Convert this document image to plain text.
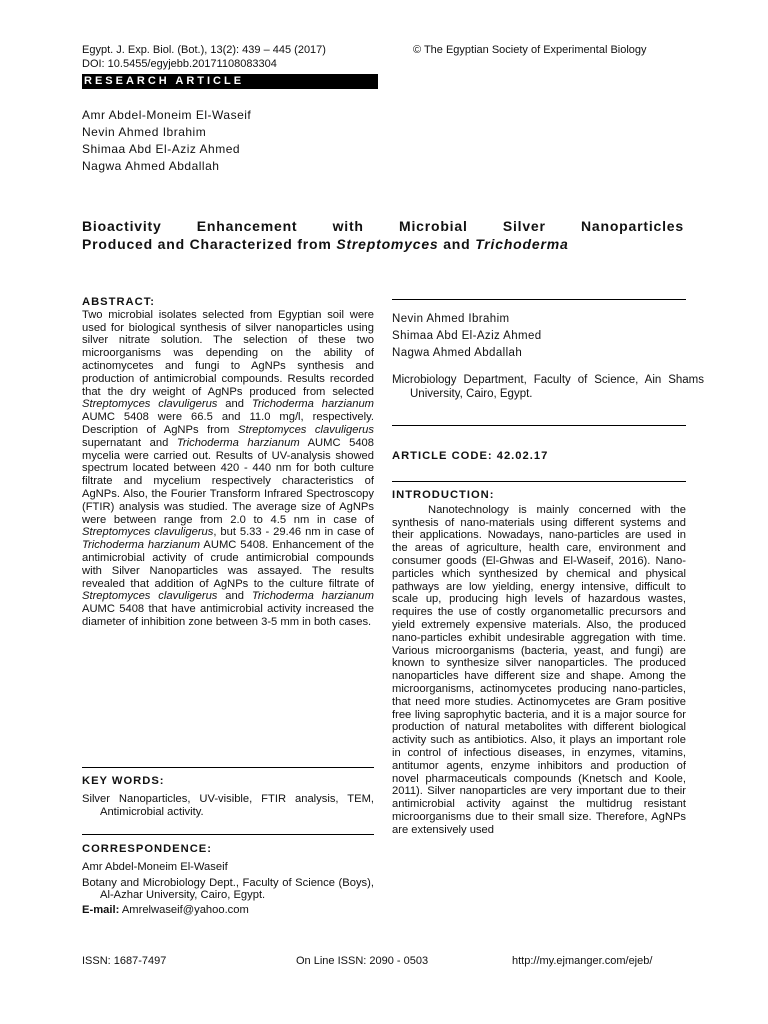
Egypt. J. Exp. Biol. (Bot.), 13(2): 439 – 445 (2017)
DOI: 10.5455/egyjebb.20171108083304
© The Egyptian Society of Experimental Biology
RESEARCH ARTICLE
Amr Abdel-Moneim El-Waseif
Nevin Ahmed Ibrahim
Shimaa Abd El-Aziz Ahmed
Nagwa Ahmed Abdallah
Bioactivity	Enhancement	with	Microbial	Silver	Nanoparticles
Produced and Characterized from Streptomyces and Trichoderma
ABSTRACT:
Two microbial isolates selected from Egyptian soil were used for biological synthesis of silver nanoparticles using silver nitrate solution. The selection of these two microorganisms was depending on the ability of actinomycetes and fungi to AgNPs synthesis and production of antimicrobial compounds. Results recorded that the dry weight of AgNPs produced from selected Streptomyces clavuligerus and Trichoderma harzianum AUMC 5408 were 66.5 and 11.0 mg/l, respectively. Description of AgNPs from Streptomyces clavuligerus supernatant and Trichoderma harzianum AUMC 5408 mycelia were carried out. Results of UV-analysis showed spectrum located between 420 - 440 nm for both culture filtrate and mycelium respectively characteristics of AgNPs. Also, the Fourier Transform Infrared Spectroscopy (FTIR) analysis was studied. The average size of AgNPs were between range from 2.0 to 4.5 nm in case of Streptomyces clavuligerus, but 5.33 - 29.46 nm in case of Trichoderma harzianum AUMC 5408. Enhancement of the antimicrobial activity of crude antimicrobial compounds with Silver Nanoparticles was assayed. The results revealed that addition of AgNPs to the culture filtrate of Streptomyces clavuligerus and Trichoderma harzianum AUMC 5408 that have antimicrobial activity increased the diameter of inhibition zone between 3-5 mm in both cases.
KEY WORDS:
Silver Nanoparticles, UV-visible, FTIR analysis, TEM, Antimicrobial activity.
CORRESPONDENCE:
Amr Abdel-Moneim El-Waseif
Botany and Microbiology Dept., Faculty of Science (Boys), Al-Azhar University, Cairo, Egypt.
E-mail: Amrelwaseif@yahoo.com
Nevin Ahmed Ibrahim
Shimaa Abd El-Aziz Ahmed
Nagwa Ahmed Abdallah
Microbiology Department, Faculty of Science, Ain Shams University, Cairo, Egypt.
ARTICLE CODE: 42.02.17
INTRODUCTION:
Nanotechnology is mainly concerned with the synthesis of nano-materials using different systems and their applications. Nowadays, nano-particles are used in the areas of agriculture, health care, environment and consumer goods (El-Ghwas and El-Waseif, 2016). Nano-particles which synthesized by chemical and physical pathways are low yielding, energy intensive, difficult to scale up, producing high levels of hazardous wastes, requires the use of costly organometallic precursors and yield extremely expensive materials. Also, the produced nano-particles exhibit undesirable aggregation with time. Various microorganisms (bacteria, yeast, and fungi) are known to synthesize silver nanoparticles. The produced nanoparticles have different size and shape. Among the microorganisms, actinomycetes producing nano-particles, that need more studies. Actinomycetes are Gram positive free living saprophytic bacteria, and it is a major source for production of natural metabolites with different biological activity such as antibiotics. Also, it plays an important role in control of infectious diseases, in enzymes, vitamins, antitumor agents, enzyme inhibitors and production of novel pharmaceuticals compounds (Knetsch and Koole, 2011). Silver nanoparticles are very important due to their antimicrobial activity against the multidrug resistant microorganisms due to their small size. Therefore, AgNPs are extensively used
ISSN: 1687-7497	On Line ISSN: 2090 - 0503	http://my.ejmanger.com/ejeb/
